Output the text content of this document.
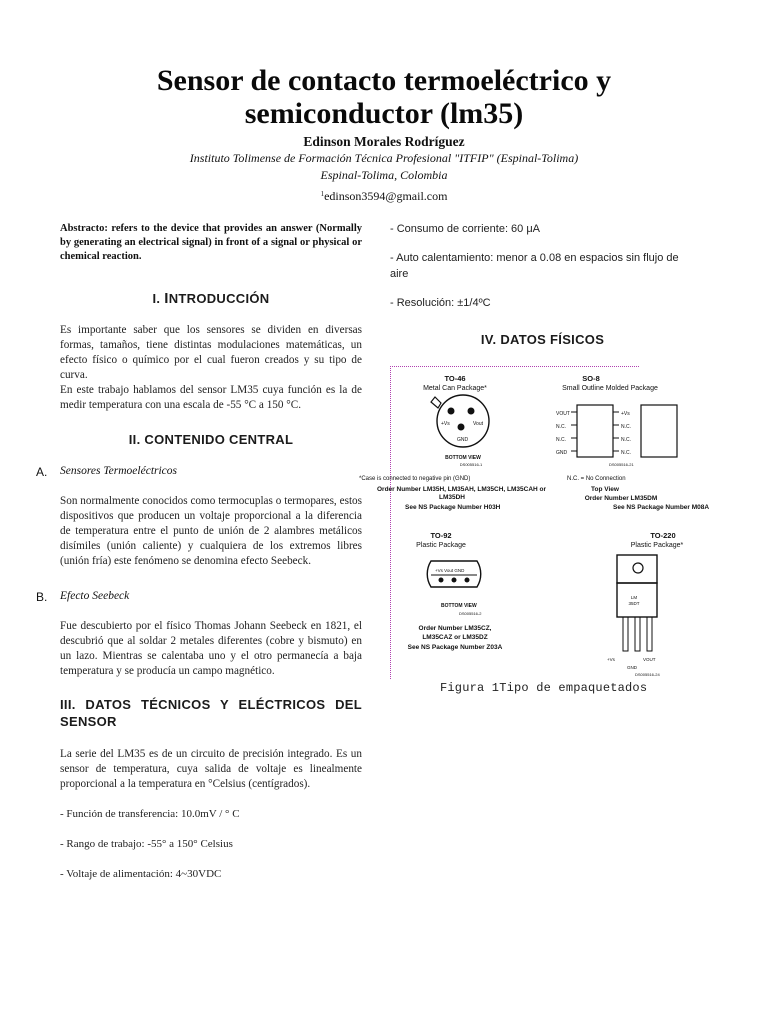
Sensor de contacto termoeléctrico y
semiconductor (lm35)
Edinson Morales Rodríguez
Instituto Tolimense de Formación Técnica Profesional "ITFIP" (Espinal-Tolima)
Espinal-Tolima, Colombia
$^1$edinson3594@gmail.com

Abstracto: refers to the device that provides an answer (Normally by generating an electrical signal) in front of a signal or physical or chemical reaction.

I. INTRODUCCIÓN

Es importante saber que los sensores se dividen en diversas formas, tamaños, tiene distintas modulaciones matemáticas, un efecto físico o químico por el cual fueron creados y su tipo de curva.

En este trabajo hablamos del sensor LM35 cuya función es la de medir temperatura con una escala de -55 °C a 150 °C.

II. CONTENIDO CENTRAL
A. Sensores Termoeléctricos

Son normalmente conocidos como termocuplas o termopares, estos dispositivos que producen un voltaje proporcional a la diferencia de temperatura entre el punto de unión de 2 alambres metálicos disímiles (unión caliente) y cualquiera de los extremos libres (unión fría) este fenómeno se denomina efecto Seebeck.

B. Efecto Seebeck

Fue descubierto por el físico Thomas Johann Seebeck en 1821, el descubrió que al soldar 2 metales diferentes (cobre y bismuto) en un lazo. Mientras se calentaba uno y el otro permanecía a baja temperatura y se producía un campo magnético.

III. DATOS TÉCNICOS Y ELÉCTRICOS DEL SENSOR

La serie del LM35 es de un circuito de precisión integrado. Es un sensor de temperatura, cuya salida de voltaje es linealmente proporcional a la temperatura en °Celsius (centígrados).

- Función de transferencia: 10.0mV / ° C

- Rango de trabajo: -55° a 150° Celsius

- Voltaje de alimentación: 4~30VDC

- Consumo de corriente: 60 μA

- Auto calentamiento: menor a 0.08 en espacios sin flujo de aire

- Resolución: ±1/4ºC

IV. DATOS FÍSICOS
TO-46
Metal Can Package*
+Vs	Vout
GND
BOTTOM VIEW
DS005516-1
*Case is connected to negative pin (GND)
Order Number LM35H, LM35AH, LM35CH, LM35CAH or
LM35DH
See NS Package Number H03H
SO-8
Small Outline Molded Package
VOUT
N.C.
N.C.
GND
+Vs
N.C.
N.C.
N.C.
DS005516-21
N.C. = No Connection
Top View
Order Number LM35DM
See NS Package Number M08A
TO-92
Plastic Package
+Vs Vout GND
BOTTOM VIEW
DS005516-2
Order Number LM35CZ,
LM35CAZ or LM35DZ
See NS Package Number Z03A
TO-220
Plastic Package*
LM
35DT
+Vs
GND
VOUT
DS005516-24
Figura 1Tipo de empaquetados
